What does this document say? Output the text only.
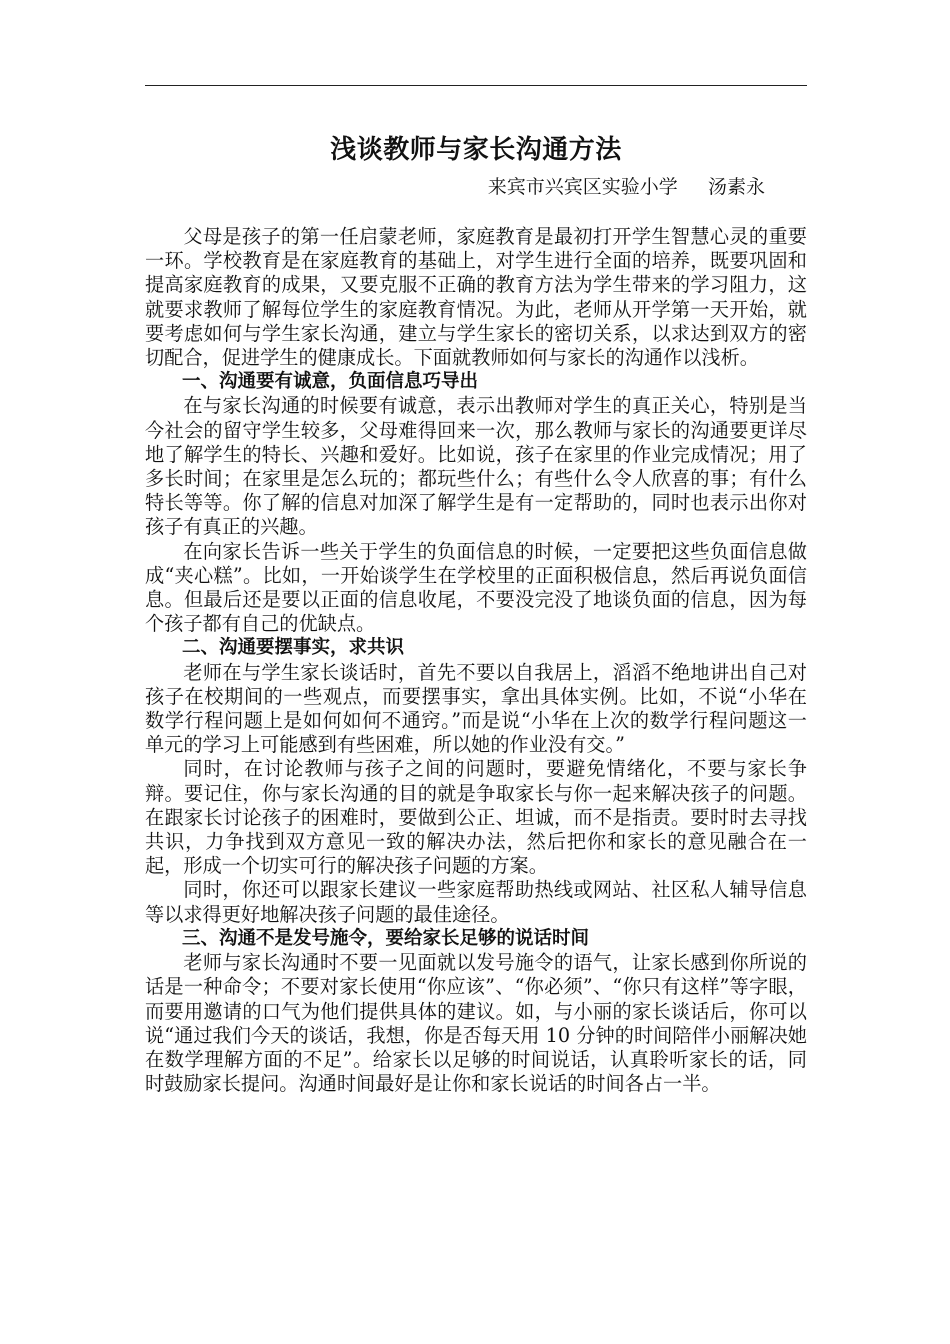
浅谈教师与家长沟通方法
来宾市兴宾区实验小学     汤素永

父母是孩子的第一任启蒙老师，家庭教育是最初打开学生智慧心灵的重要一环。学校教育是在家庭教育的基础上，对学生进行全面的培养，既要巩固和提高家庭教育的成果，又要克服不正确的教育方法为学生带来的学习阻力，这就要求教师了解每位学生的家庭教育情况。为此，老师从开学第一天开始，就要考虑如何与学生家长沟通，建立与学生家长的密切关系，以求达到双方的密切配合，促进学生的健康成长。下面就教师如何与家长的沟通作以浅析。

一、沟通要有诚意，负面信息巧导出

在与家长沟通的时候要有诚意，表示出教师对学生的真正关心，特别是当今社会的留守学生较多，父母难得回来一次，那么教师与家长的沟通要更详尽地了解学生的特长、兴趣和爱好。比如说，孩子在家里的作业完成情况；用了多长时间；在家里是怎么玩的；都玩些什么；有些什么令人欣喜的事；有什么特长等等。你了解的信息对加深了解学生是有一定帮助的，同时也表示出你对孩子有真正的兴趣。

在向家长告诉一些关于学生的负面信息的时候，一定要把这些负面信息做成“夹心糕”。比如，一开始谈学生在学校里的正面积极信息，然后再说负面信息。但最后还是要以正面的信息收尾，不要没完没了地谈负面的信息，因为每个孩子都有自己的优缺点。

二、沟通要摆事实，求共识

老师在与学生家长谈话时，首先不要以自我居上，滔滔不绝地讲出自己对孩子在校期间的一些观点，而要摆事实，拿出具体实例。比如，不说“小华在数学行程问题上是如何如何不通窍。”而是说“小华在上次的数学行程问题这一单元的学习上可能感到有些困难，所以她的作业没有交。”

同时，在讨论教师与孩子之间的问题时，要避免情绪化，不要与家长争辩。要记住，你与家长沟通的目的就是争取家长与你一起来解决孩子的问题。在跟家长讨论孩子的困难时，要做到公正、坦诚，而不是指责。要时时去寻找共识，力争找到双方意见一致的解决办法，然后把你和家长的意见融合在一起，形成一个切实可行的解决孩子问题的方案。

同时，你还可以跟家长建议一些家庭帮助热线或网站、社区私人辅导信息等以求得更好地解决孩子问题的最佳途径。

三、沟通不是发号施令，要给家长足够的说话时间

老师与家长沟通时不要一见面就以发号施令的语气，让家长感到你所说的话是一种命令；不要对家长使用“你应该”、“你必须”、“你只有这样”等字眼，而要用邀请的口气为他们提供具体的建议。如，与小丽的家长谈话后，你可以说“通过我们今天的谈话，我想，你是否每天用 10 分钟的时间陪伴小丽解决她在数学理解方面的不足”。给家长以足够的时间说话，认真聆听家长的话，同时鼓励家长提问。沟通时间最好是让你和家长说话的时间各占一半。
